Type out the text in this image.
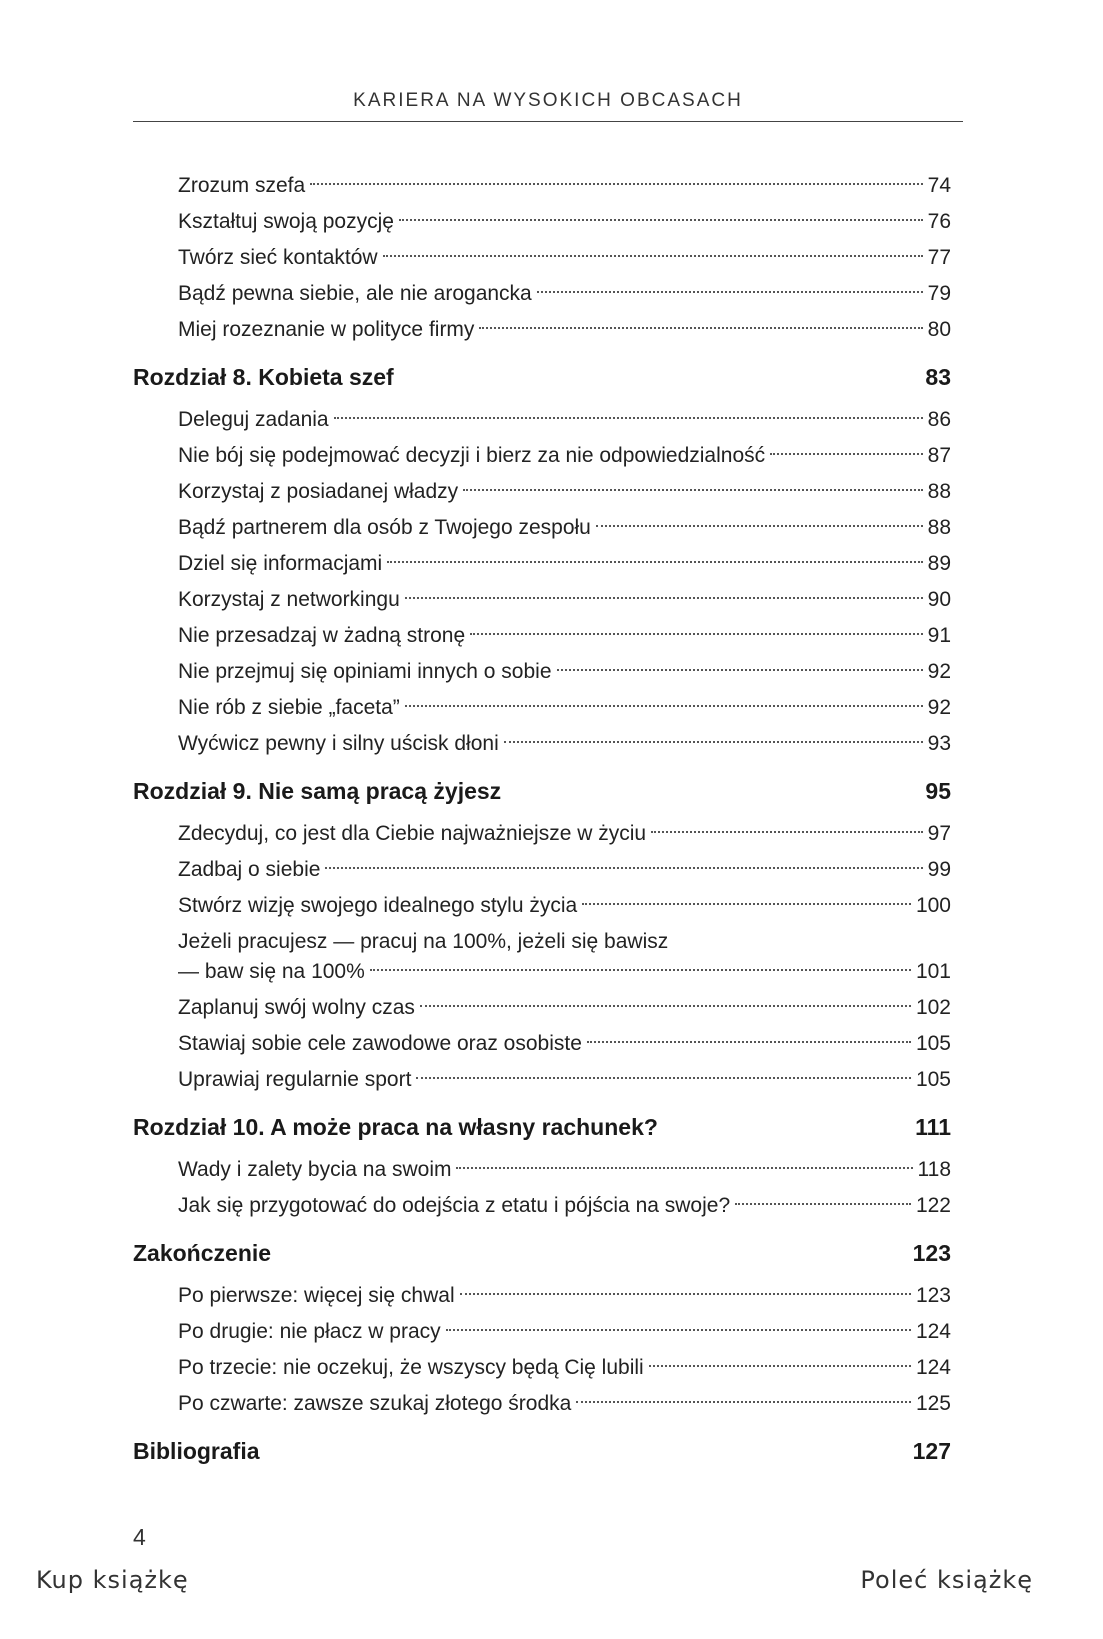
KARIERA NA WYSOKICH OBCASACH
Zrozum szefa	74
Kształtuj swoją pozycję	76
Twórz sieć kontaktów	77
Bądź pewna siebie, ale nie arogancka	79
Miej rozeznanie w polityce firmy	80
Rozdział 8. Kobieta szef	83
Deleguj zadania	86
Nie bój się podejmować decyzji i bierz za nie odpowiedzialność	87
Korzystaj z posiadanej władzy	88
Bądź partnerem dla osób z Twojego zespołu	88
Dziel się informacjami	89
Korzystaj z networkingu	90
Nie przesadzaj w żadną stronę	91
Nie przejmuj się opiniami innych o sobie	92
Nie rób z siebie „faceta”	92
Wyćwicz pewny i silny uścisk dłoni	93
Rozdział 9. Nie samą pracą żyjesz	95
Zdecyduj, co jest dla Ciebie najważniejsze w życiu	97
Zadbaj o siebie	99
Stwórz wizję swojego idealnego stylu życia	100
Jeżeli pracujesz — pracuj na 100%, jeżeli się bawisz
— baw się na 100%	101
Zaplanuj swój wolny czas	102
Stawiaj sobie cele zawodowe oraz osobiste	105
Uprawiaj regularnie sport	105
Rozdział 10. A może praca na własny rachunek?	111
Wady i zalety bycia na swoim	118
Jak się przygotować do odejścia z etatu i pójścia na swoje?	122
Zakończenie	123
Po pierwsze: więcej się chwal	123
Po drugie: nie płacz w pracy	124
Po trzecie: nie oczekuj, że wszyscy będą Cię lubili	124
Po czwarte: zawsze szukaj złotego środka	125
Bibliografia	127
4
Kup książkę	Poleć książkę
